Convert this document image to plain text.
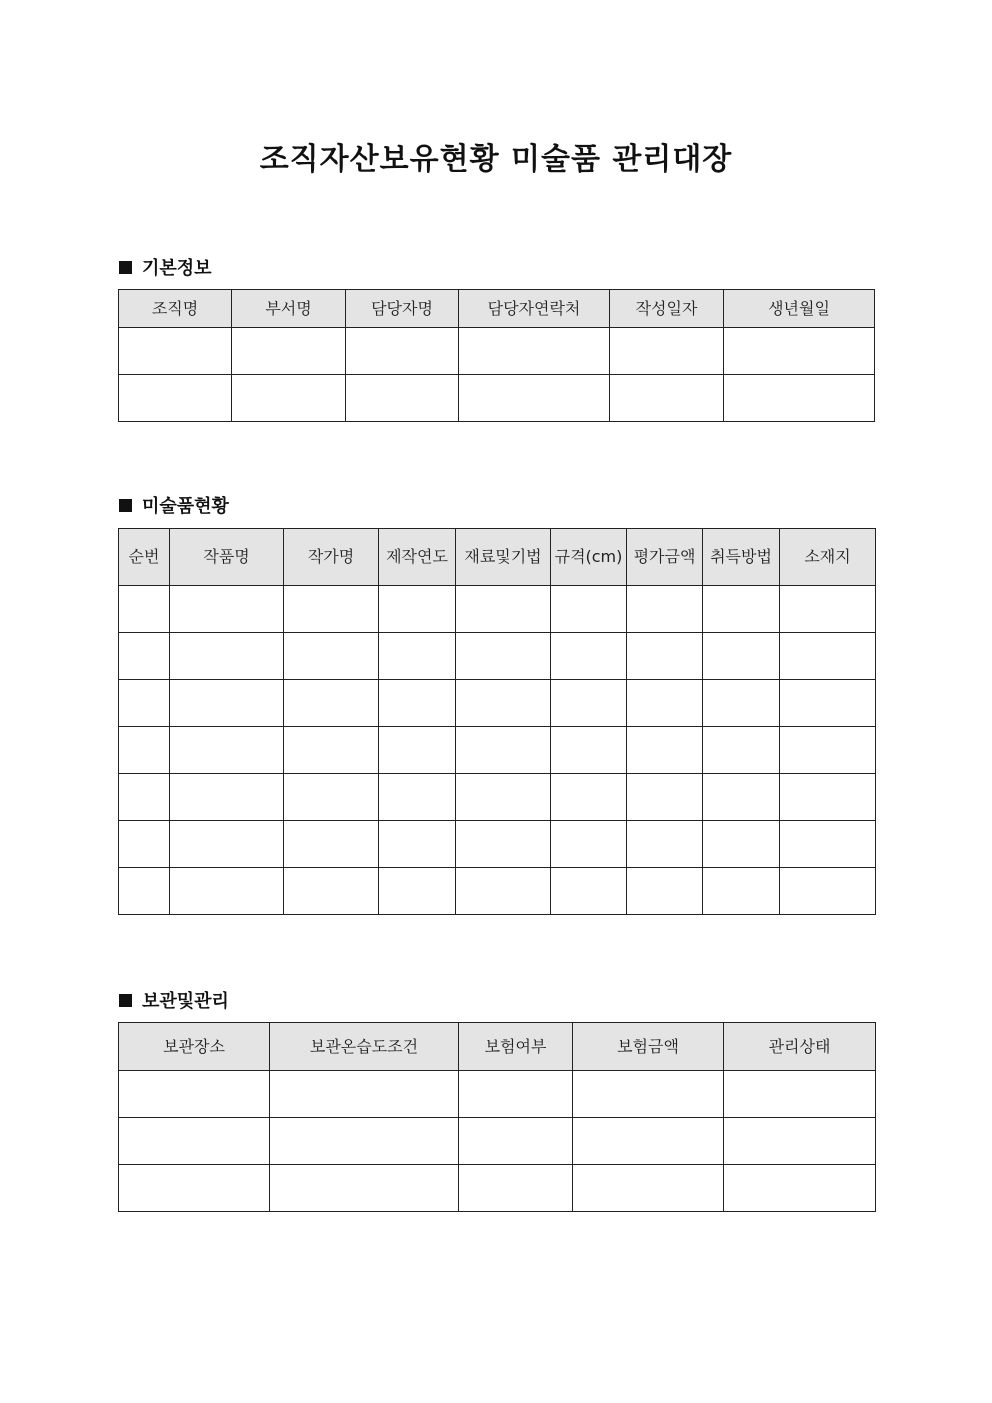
조직자산보유현황 미술품 관리대장
기본정보
조직명	부서명	담당자명	담당자연락처	작성일자	생년월일

미술품현황
순번	작품명	작가명	제작연도	재료및기법	규격(cm)	평가금액	취득방법	소재지

보관및관리
보관장소	보관온습도조건	보험여부	보험금액	관리상태
